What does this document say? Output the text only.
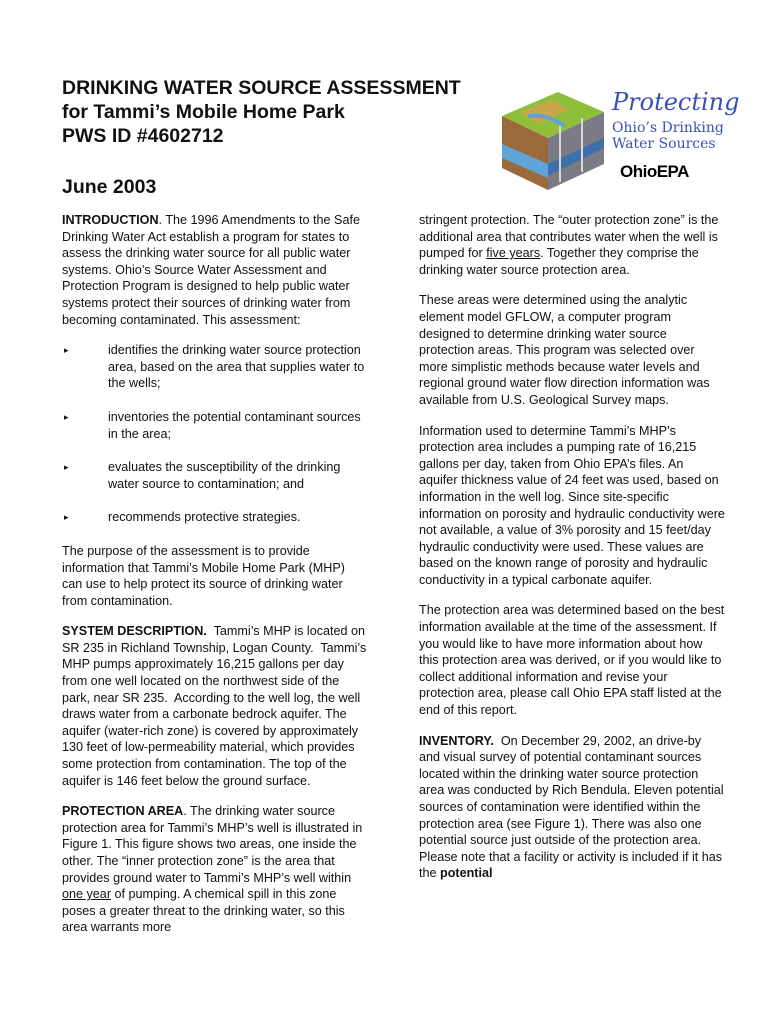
DRINKING WATER SOURCE ASSESSMENT
for Tammi’s Mobile Home Park
PWS ID #4602712
June 2003
Protecting
Ohio’s Drinking
Water Sources
OhioEPA

INTRODUCTION. The 1996 Amendments to the Safe Drinking Water Act establish a program for states to assess the drinking water source for all public water systems. Ohio’s Source Water Assessment and Protection Program is designed to help public water systems protect their sources of drinking water from becoming contaminated. This assessment:

▸	identifies the drinking water source protection area, based on the area that supplies water to the wells;
▸	inventories the potential contaminant sources in the area;
▸	evaluates the susceptibility of the drinking water source to contamination; and
▸	recommends protective strategies.

The purpose of the assessment is to provide information that Tammi’s Mobile Home Park (MHP) can use to help protect its source of drinking water from contamination.

SYSTEM DESCRIPTION.  Tammi’s MHP is located on SR 235 in Richland Township, Logan County.  Tammi’s MHP pumps approximately 16,215 gallons per day from one well located on the northwest side of the park, near SR 235.  According to the well log, the well draws water from a carbonate bedrock aquifer. The aquifer (water-rich zone) is covered by approximately 130 feet of low-permeability material, which provides some protection from contamination. The top of the aquifer is 146 feet below the ground surface.

PROTECTION AREA. The drinking water source protection area for Tammi’s MHP’s well is illustrated in Figure 1. This figure shows two areas, one inside the other. The “inner protection zone” is the area that provides ground water to Tammi’s MHP’s well within one year of pumping. A chemical spill in this zone poses a greater threat to the drinking water, so this area warrants more

stringent protection. The “outer protection zone” is the additional area that contributes water when the well is pumped for five years. Together they comprise the drinking water source protection area.

These areas were determined using the analytic element model GFLOW, a computer program designed to determine drinking water source protection areas. This program was selected over more simplistic methods because water levels and regional ground water flow direction information was available from U.S. Geological Survey maps.

Information used to determine Tammi’s MHP’s protection area includes a pumping rate of 16,215 gallons per day, taken from Ohio EPA’s files. An aquifer thickness value of 24 feet was used, based on information in the well log. Since site-specific information on porosity and hydraulic conductivity were not available, a value of 3% porosity and 15 feet/day hydraulic conductivity were used. These values are based on the known range of porosity and hydraulic conductivity in a typical carbonate aquifer.

The protection area was determined based on the best information available at the time of the assessment. If you would like to have more information about how this protection area was derived, or if you would like to collect additional information and revise your protection area, please call Ohio EPA staff listed at the end of this report.

INVENTORY.  On December 29, 2002, an drive-by and visual survey of potential contaminant sources located within the drinking water source protection area was conducted by Rich Bendula. Eleven potential sources of contamination were identified within the protection area (see Figure 1). There was also one potential source just outside of the protection area. Please note that a facility or activity is included if it has the potential
